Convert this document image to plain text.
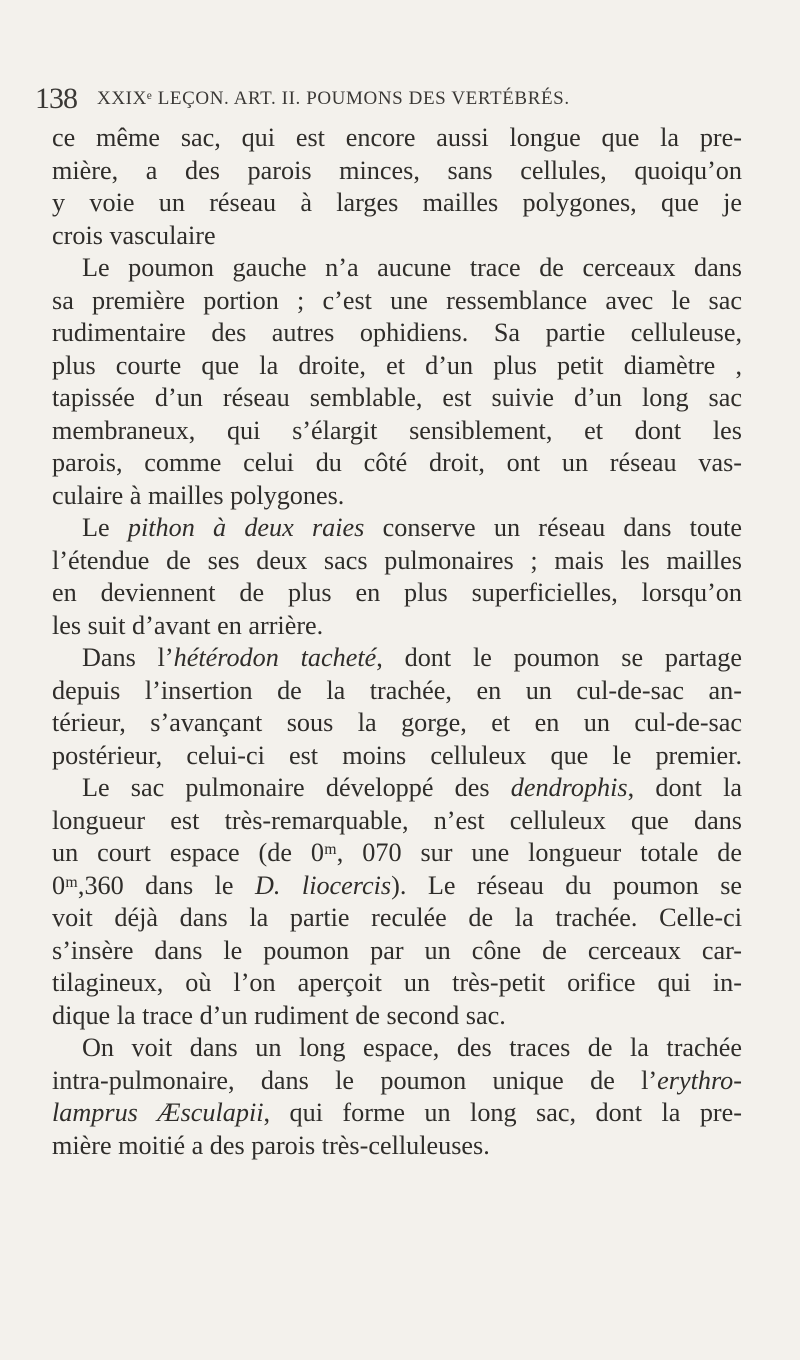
138 XXIXᵉ LEÇON. ART. II. POUMONS DES VERTÉBRÉS.
ce même sac, qui est encore aussi longue que la pre-
mière, a des parois minces, sans cellules, quoiqu’on
y voie un réseau à larges mailles polygones, que je
crois vasculaire
Le poumon gauche n’a aucune trace de cerceaux dans
sa première portion ; c’est une ressemblance avec le sac
rudimentaire des autres ophidiens. Sa partie celluleuse,
plus courte que la droite, et d’un plus petit diamètre ,
tapissée d’un réseau semblable, est suivie d’un long sac
membraneux, qui s’élargit sensiblement, et dont les
parois, comme celui du côté droit, ont un réseau vas-
culaire à mailles polygones.
Le pithon à deux raies conserve un réseau dans toute
l’étendue de ses deux sacs pulmonaires ; mais les mailles
en deviennent de plus en plus superficielles, lorsqu’on
les suit d’avant en arrière.
Dans l’hétérodon tacheté, dont le poumon se partage
depuis l’insertion de la trachée, en un cul-de-sac an-
térieur, s’avançant sous la gorge, et en un cul-de-sac
postérieur, celui-ci est moins celluleux que le premier.
Le sac pulmonaire développé des dendrophis, dont la
longueur est très-remarquable, n’est celluleux que dans
un court espace (de 0ᵐ, 070 sur une longueur totale de
0ᵐ,360 dans le D. liocercis). Le réseau du poumon se
voit déjà dans la partie reculée de la trachée. Celle-ci
s’insère dans le poumon par un cône de cerceaux car-
tilagineux, où l’on aperçoit un très-petit orifice qui in-
dique la trace d’un rudiment de second sac.
On voit dans un long espace, des traces de la trachée
intra-pulmonaire, dans le poumon unique de l’erythro-
lamprus Æsculapii, qui forme un long sac, dont la pre-
mière moitié a des parois très-celluleuses.
